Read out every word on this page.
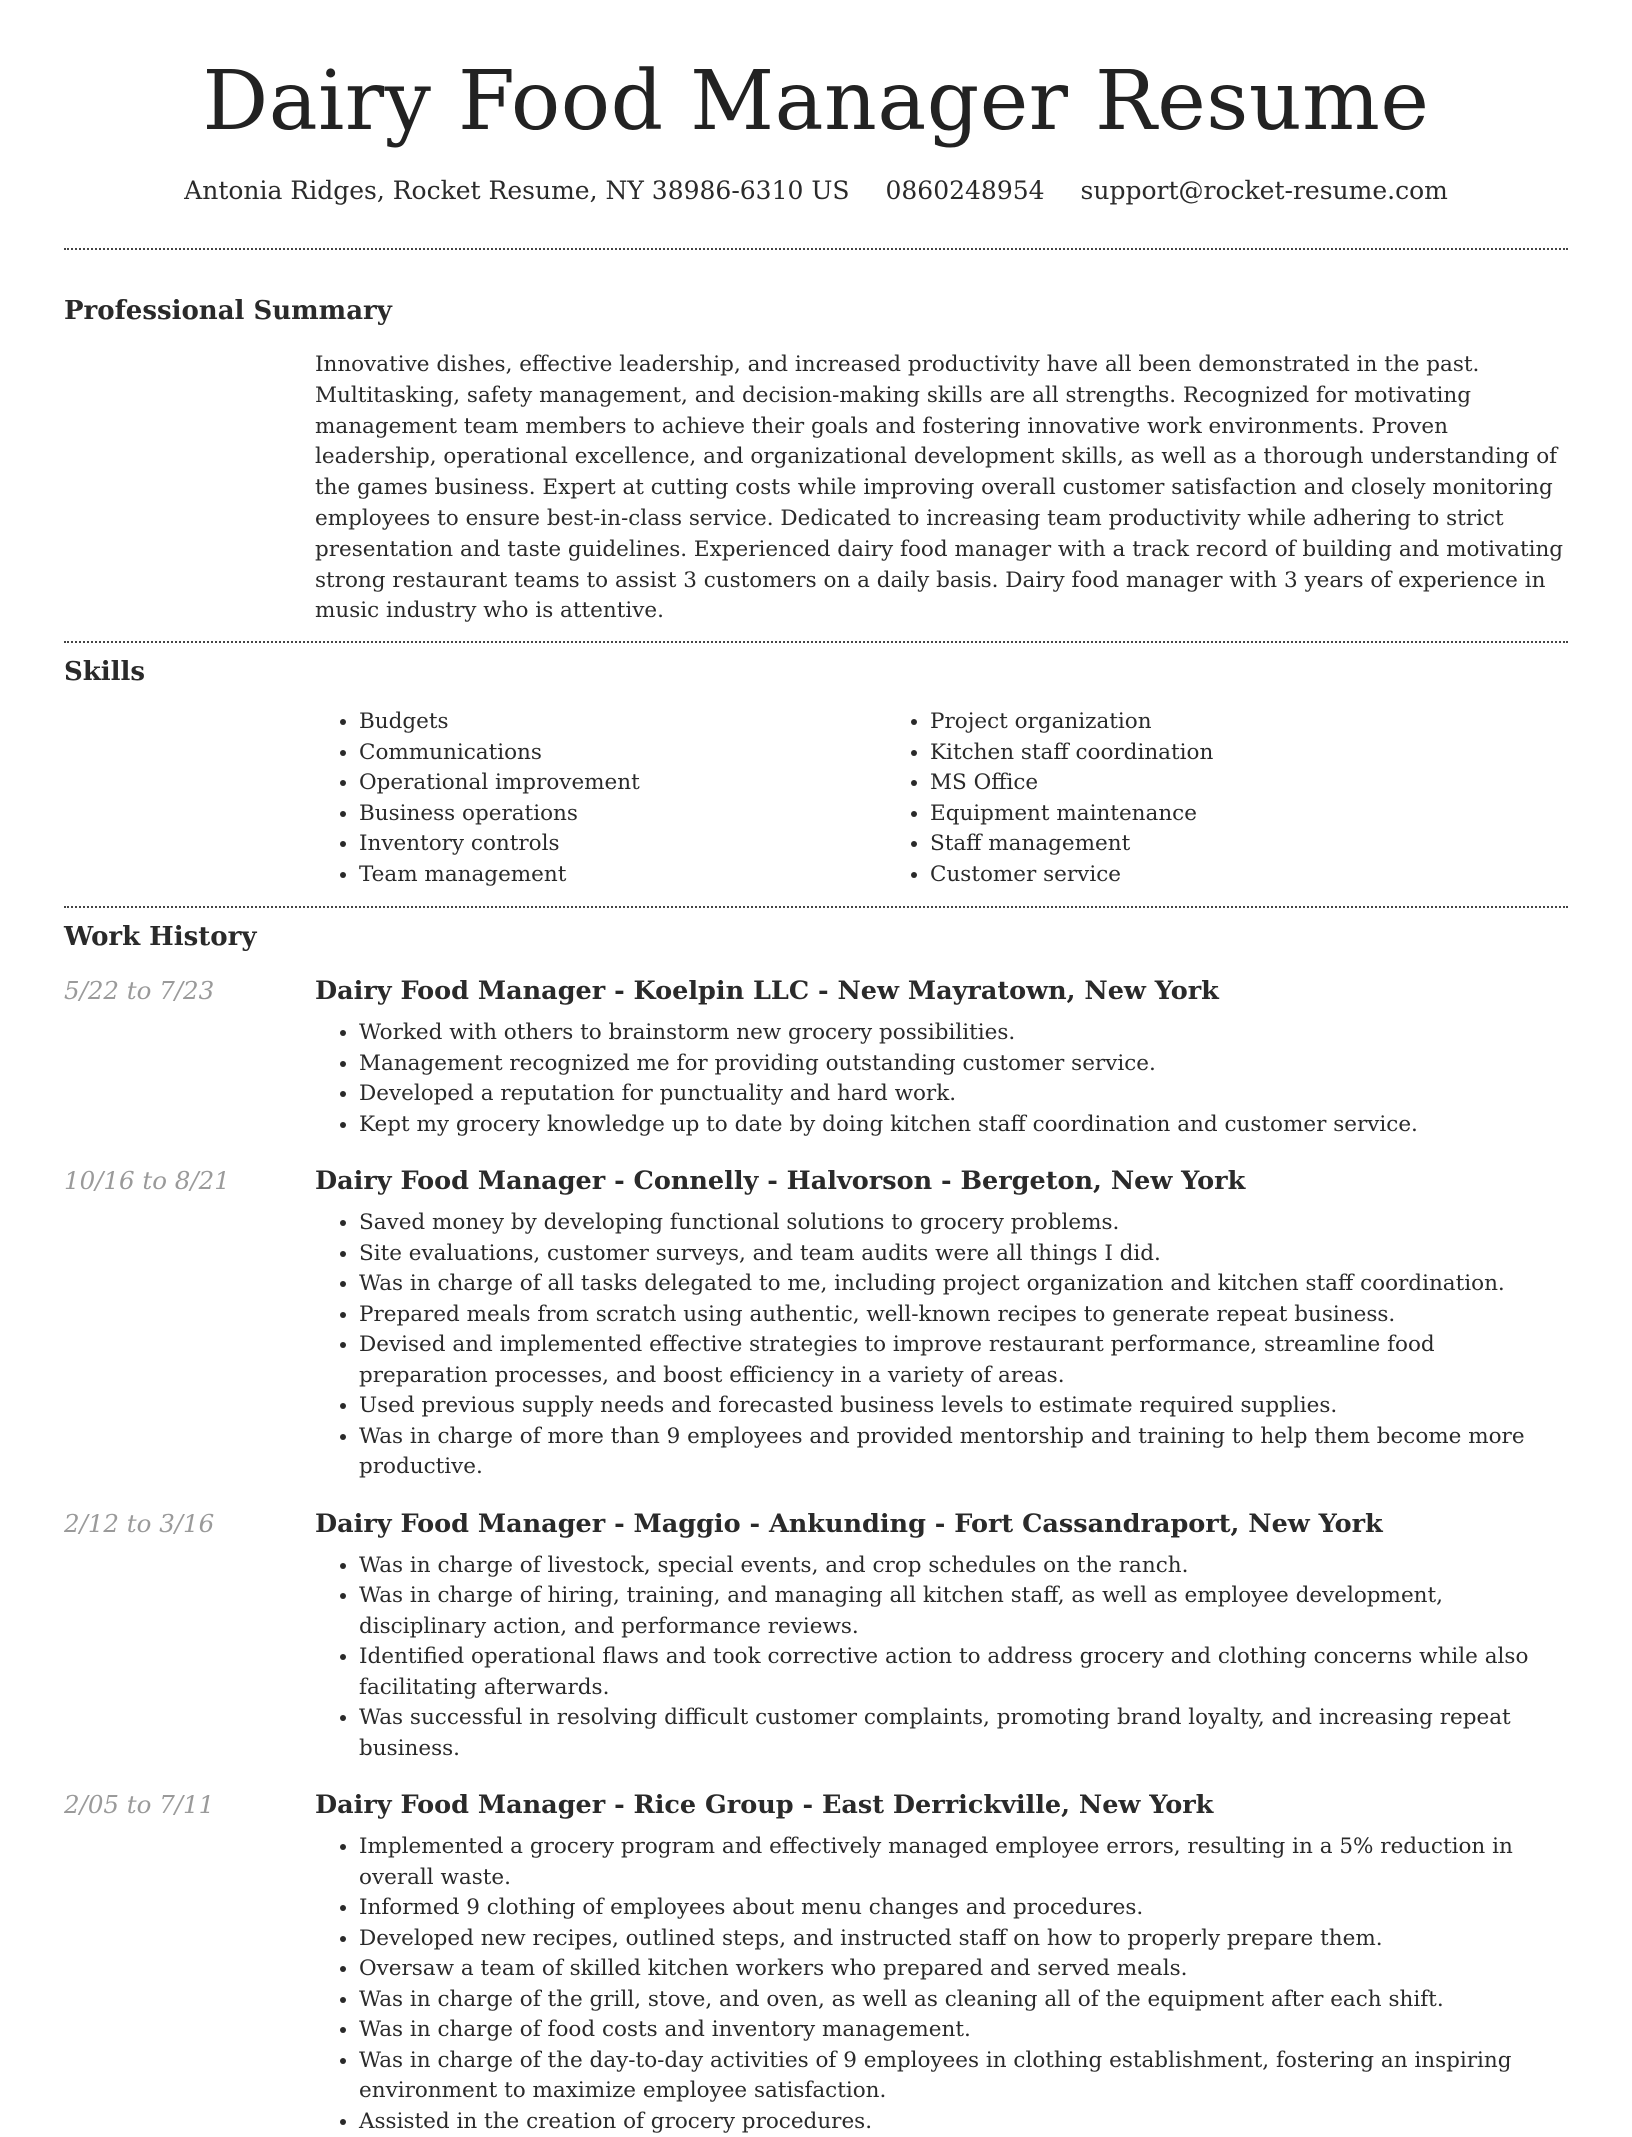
Dairy Food Manager Resume
Antonia Ridges, Rocket Resume, NY 38986-6310 US 0860248954 support@rocket-resume.com
Professional Summary

Innovative dishes, effective leadership, and increased productivity have all been demonstrated in the past. Multitasking, safety management, and decision-making skills are all strengths. Recognized for motivating management team members to achieve their goals and fostering innovative work environments. Proven leadership, operational excellence, and organizational development skills, as well as a thorough understanding of the games business. Expert at cutting costs while improving overall customer satisfaction and closely monitoring employees to ensure best-in-class service. Dedicated to increasing team productivity while adhering to strict presentation and taste guidelines. Experienced dairy food manager with a track record of building and motivating strong restaurant teams to assist 3 customers on a daily basis. Dairy food manager with 3 years of experience in music industry who is attentive.

Skills
• Budgets
• Communications
• Operational improvement
• Business operations
• Inventory controls
• Team management
• Project organization
• Kitchen staff coordination
• MS Office
• Equipment maintenance
• Staff management
• Customer service
Work History
5/22 to 7/23	Dairy Food Manager - Koelpin LLC - New Mayratown, New York
• Worked with others to brainstorm new grocery possibilities.
• Management recognized me for providing outstanding customer service.
• Developed a reputation for punctuality and hard work.
• Kept my grocery knowledge up to date by doing kitchen staff coordination and customer service.
10/16 to 8/21	Dairy Food Manager - Connelly - Halvorson - Bergeton, New York
• Saved money by developing functional solutions to grocery problems.
• Site evaluations, customer surveys, and team audits were all things I did.
• Was in charge of all tasks delegated to me, including project organization and kitchen staff coordination.
• Prepared meals from scratch using authentic, well-known recipes to generate repeat business.
• Devised and implemented effective strategies to improve restaurant performance, streamline food preparation processes, and boost efficiency in a variety of areas.
• Used previous supply needs and forecasted business levels to estimate required supplies.
• Was in charge of more than 9 employees and provided mentorship and training to help them become more productive.
2/12 to 3/16	Dairy Food Manager - Maggio - Ankunding - Fort Cassandraport, New York
• Was in charge of livestock, special events, and crop schedules on the ranch.
• Was in charge of hiring, training, and managing all kitchen staff, as well as employee development, disciplinary action, and performance reviews.
• Identified operational flaws and took corrective action to address grocery and clothing concerns while also facilitating afterwards.
• Was successful in resolving difficult customer complaints, promoting brand loyalty, and increasing repeat business.
2/05 to 7/11	Dairy Food Manager - Rice Group - East Derrickville, New York
• Implemented a grocery program and effectively managed employee errors, resulting in a 5% reduction in overall waste.
• Informed 9 clothing of employees about menu changes and procedures.
• Developed new recipes, outlined steps, and instructed staff on how to properly prepare them.
• Oversaw a team of skilled kitchen workers who prepared and served meals.
• Was in charge of the grill, stove, and oven, as well as cleaning all of the equipment after each shift.
• Was in charge of food costs and inventory management.
• Was in charge of the day-to-day activities of 9 employees in clothing establishment, fostering an inspiring environment to maximize employee satisfaction.
• Assisted in the creation of grocery procedures.
